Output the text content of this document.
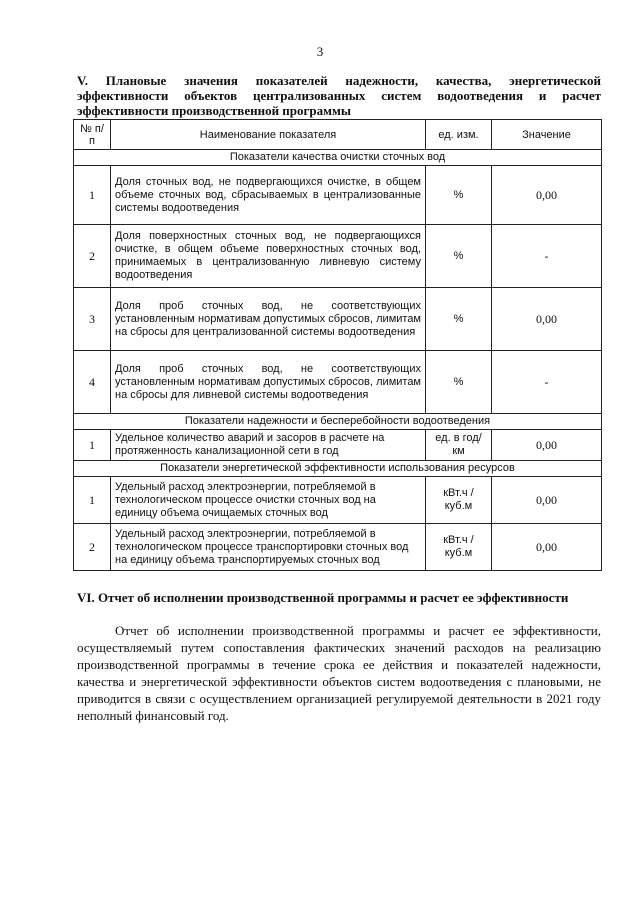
3
V. Плановые значения показателей надежности, качества, энергетической
эффективности объектов централизованных систем водоотведения и расчет
эффективности производственной программы
№ п/п	Наименование показателя	ед. изм.	Значение
Показатели качества очистки сточных вод			
1	Доля сточных вод, не подвергающихся очистке, в общем объеме сточных вод, сбрасываемых в централизованные системы водоотведения	%	0,00
2	Доля поверхностных сточных вод, не подвергающихся очистке, в общем объеме поверхностных сточных вод, принимаемых в централизованную ливневую систему водоотведения	%	-
3	Доля проб сточных вод, не соответствующих установленным нормативам допустимых сбросов, лимитам на сбросы для централизованной системы водоотведения	%	0,00
4	Доля проб сточных вод, не соответствующих установленным нормативам допустимых сбросов, лимитам на сбросы для ливневой системы водоотведения	%	-
Показатели надежности и бесперебойности водоотведения			
1	Удельное количество аварий и засоров в расчете на протяженность канализационной сети в год	ед. в год/ км	0,00
Показатели энергетической эффективности использования ресурсов			
1	Удельный расход электроэнергии, потребляемой в технологическом процессе очистки сточных вод на единицу объема очищаемых сточных вод	кВт.ч / куб.м	0,00
2	Удельный расход электроэнергии, потребляемой в технологическом процессе транспортировки сточных вод на единицу объема транспортируемых сточных вод	кВт.ч / куб.м	0,00
VI. Отчет об исполнении производственной программы и расчет ее эффективности
Отчет об исполнении производственной программы и расчет ее эффективности, осуществляемый путем сопоставления фактических значений расходов на реализацию производственной программы в течение срока ее действия и показателей надежности, качества и энергетической эффективности объектов систем водоотведения с плановыми, не приводится в связи с осуществлением организацией регулируемой деятельности в 2021 году неполный финансовый год.
